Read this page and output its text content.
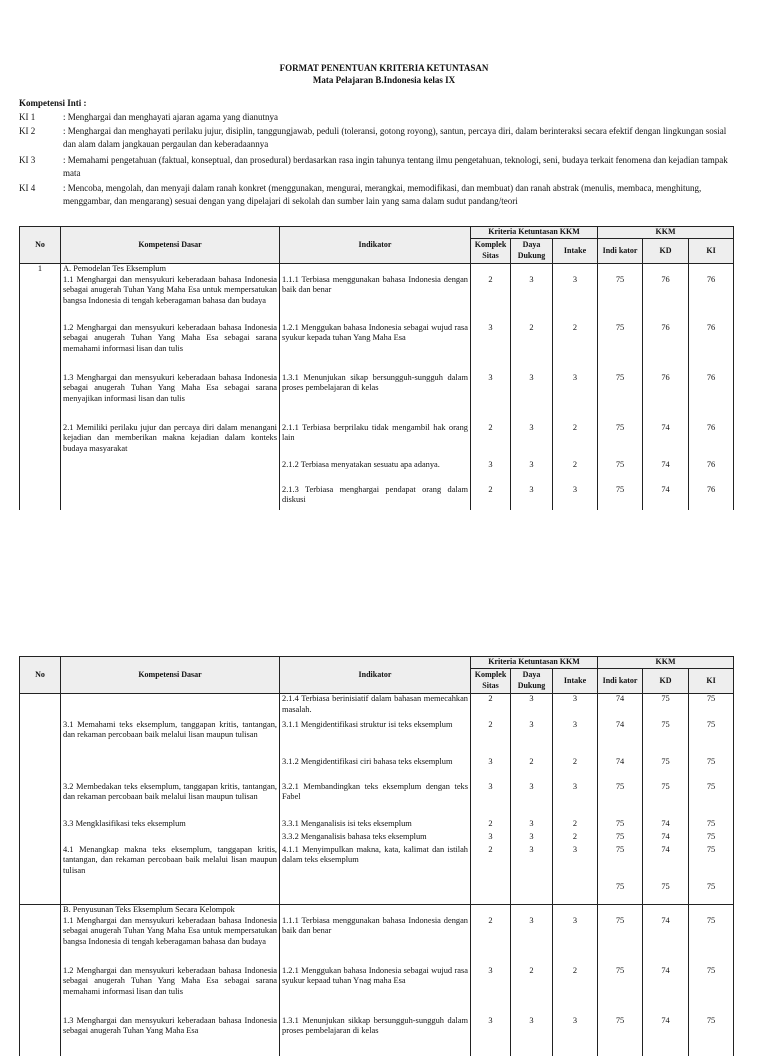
FORMAT PENENTUAN KRITERIA KETUNTASAN
Mata Pelajaran B.Indonesia kelas IX
Kompetensi Inti :
KI 1	: Menghargai dan menghayati ajaran agama yang dianutnya
KI 2	: Menghargai dan menghayati perilaku jujur, disiplin, tanggungjawab, peduli (toleransi, gotong royong), santun, percaya diri, dalam berinteraksi secara efektif dengan lingkungan sosial dan alam dalam jangkauan pergaulan dan keberadaannya
KI 3	: Memahami pengetahuan (faktual, konseptual, dan prosedural) berdasarkan rasa ingin tahunya tentang ilmu pengetahuan, teknologi, seni, budaya terkait fenomena dan kejadian tampak mata
KI 4	: Mencoba, mengolah, dan menyaji dalam ranah konkret (menggunakan, mengurai, merangkai, memodifikasi, dan membuat) dan ranah abstrak (menulis, membaca, menghitung, menggambar, dan mengarang) sesuai dengan yang dipelajari di sekolah dan sumber lain yang sama dalam sudut pandang/teori
No	Kompetensi Dasar	Indikator	Kriteria Ketuntasan KKM			KKM		
			Komplek Sitas	Daya Dukung	Intake	Indi kator	KD	KI
1	A. Pemodelan Tes Eksemplum							
	1.1 Menghargai dan mensyukuri keberadaan bahasa Indonesia sebagai anugerah Tuhan Yang Maha Esa untuk mempersatukan bangsa Indonesia di tengah keberagaman bahasa dan budaya	1.1.1 Terbiasa menggunakan bahasa Indonesia dengan baik dan benar	2	3	3	75	76	76
	1.2 Menghargai dan mensyukuri keberadaan bahasa Indonesia sebagai anugerah Tuhan Yang Maha Esa sebagai sarana memahami informasi lisan dan tulis	1.2.1 Menggukan bahasa Indonesia sebagai wujud rasa syukur kepada tuhan Yang Maha Esa	3	2	2	75	76	76
	1.3 Menghargai dan mensyukuri keberadaan bahasa Indonesia sebagai anugerah Tuhan Yang Maha Esa sebagai sarana menyajikan informasi lisan dan tulis	1.3.1 Menunjukan sikap bersungguh-sungguh dalam proses pembelajaran di kelas	3	3	3	75	76	76
	2.1 Memiliki perilaku jujur dan percaya diri dalam menangani kejadian dan memberikan makna kejadian dalam konteks budaya masyarakat	2.1.1 Terbiasa berprilaku tidak mengambil hak orang lain	2	3	2	75	74	76
		2.1.2 Terbiasa menyatakan sesuatu apa adanya.	3	3	2	75	74	76
		2.1.3 Terbiasa menghargai pendapat orang dalam diskusi	2	3	3	75	74	76
No	Kompetensi Dasar	Indikator	Kriteria Ketuntasan KKM			KKM		
			Komplek Sitas	Daya Dukung	Intake	Indi kator	KD	KI
		2.1.4 Terbiasa berinisiatif dalam bahasan memecahkan masalah.	2	3	3	74	75	75
	3.1 Memahami teks eksemplum, tanggapan kritis, tantangan, dan rekaman percobaan baik melalui lisan maupun tulisan	3.1.1 Mengidentifikasi struktur isi teks eksemplum	2	3	3	74	75	75
		3.1.2 Mengidentifikasi ciri bahasa teks eksemplum	3	2	2	74	75	75
	3.2 Membedakan teks eksemplum, tanggapan kritis, tantangan, dan rekaman percobaan baik melalui lisan maupun tulisan	3.2.1 Membandingkan teks eksemplum dengan teks Fabel	3	3	3	75	75	75
	3.3 Mengklasifikasi teks eksemplum	3.3.1 Menganalisis isi teks eksemplum	2	3	2	75	74	75
		3.3.2 Menganalisis bahasa teks eksemplum	3	3	2	75	74	75
	4.1 Menangkap makna teks eksemplum, tanggapan kritis, tantangan, dan rekaman percobaan baik melalui lisan maupun tulisan	4.1.1 Menyimpulkan makna, kata, kalimat dan istilah dalam teks eksemplum	2	3	3	75	74	75
						75	75	75
	B. Penyusunan Teks Eksemplum Secara Kelompok							
	1.1 Menghargai dan mensyukuri keberadaan bahasa Indonesia sebagai anugerah Tuhan Yang Maha Esa untuk mempersatukan bangsa Indonesia di tengah keberagaman bahasa dan budaya	1.1.1 Terbiasa menggunakan bahasa Indonesia dengan baik dan benar	2	3	3	75	74	75
	1.2 Menghargai dan mensyukuri keberadaan bahasa Indonesia sebagai anugerah Tuhan Yang Maha Esa sebagai sarana memahami informasi lisan dan tulis	1.2.1 Menggukan bahasa Indonesia sebagai wujud rasa syukur kepaad tuhan Ynag maha Esa	3	2	2	75	74	75
	1.3 Menghargai dan mensyukuri keberadaan bahasa Indonesia sebagai anugerah Tuhan Yang Maha Esa	1.3.1 Menunjukan sikkap bersungguh-sungguh dalam proses pembelajaran di kelas	3	3	3	75	74	75
